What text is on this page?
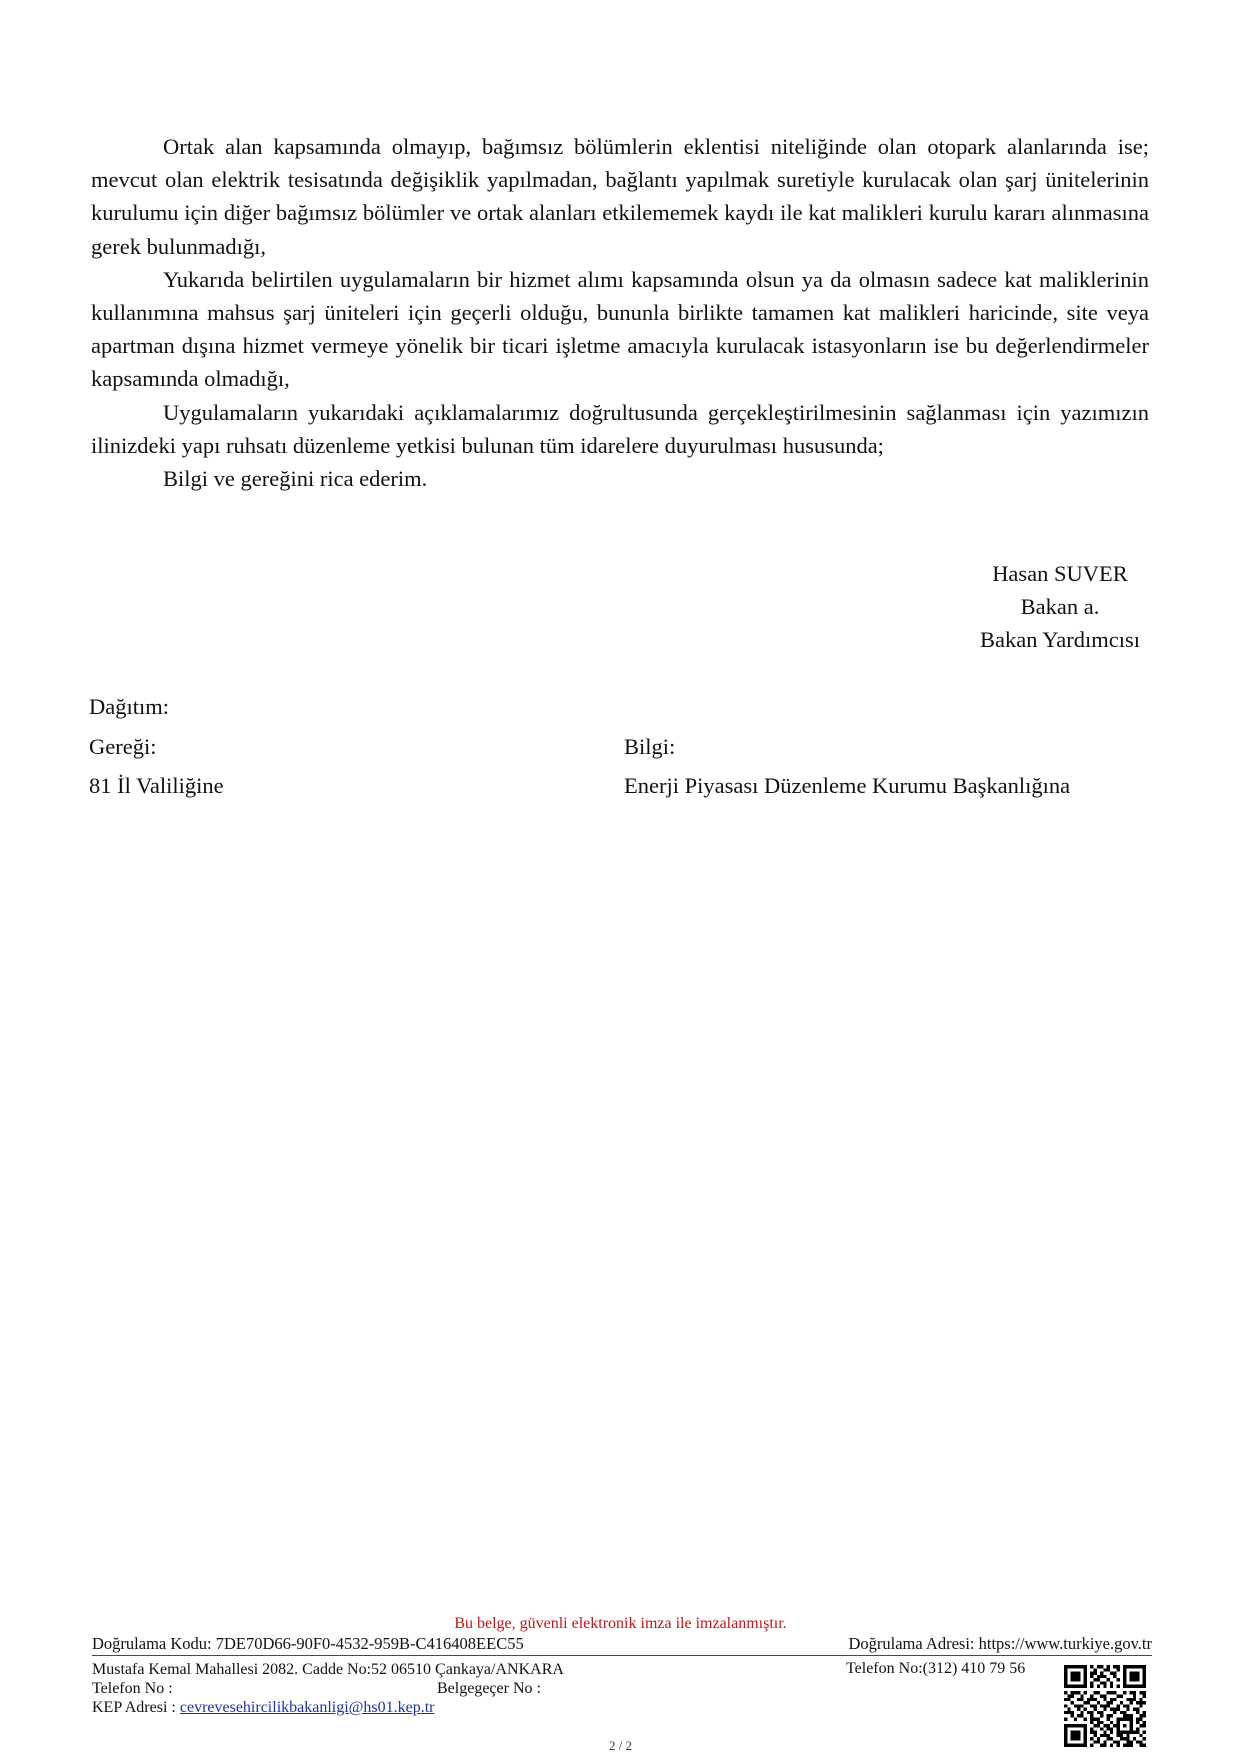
Ortak alan kapsamında olmayıp, bağımsız bölümlerin eklentisi niteliğinde olan otopark alanlarında ise; mevcut olan elektrik tesisatında değişiklik yapılmadan, bağlantı yapılmak suretiyle kurulacak olan şarj ünitelerinin kurulumu için diğer bağımsız bölümler ve ortak alanları etkilememek kaydı ile kat malikleri kurulu kararı alınmasına gerek bulunmadığı,

Yukarıda belirtilen uygulamaların bir hizmet alımı kapsamında olsun ya da olmasın sadece kat maliklerinin kullanımına mahsus şarj üniteleri için geçerli olduğu, bununla birlikte tamamen kat malikleri haricinde, site veya apartman dışına hizmet vermeye yönelik bir ticari işletme amacıyla kurulacak istasyonların ise bu değerlendirmeler kapsamında olmadığı,

Uygulamaların yukarıdaki açıklamalarımız doğrultusunda gerçekleştirilmesinin sağlanması için yazımızın ilinizdeki yapı ruhsatı düzenleme yetkisi bulunan tüm idarelere duyurulması hususunda;

Bilgi ve gereğini rica ederim.

Hasan SUVER
Bakan a.
Bakan Yardımcısı
Dağıtım:
Gereği:
81 İl Valiliğine
Bilgi:
Enerji Piyasası Düzenleme Kurumu Başkanlığına
Bu belge, güvenli elektronik imza ile imzalanmıştır.
Doğrulama Kodu: 7DE70D66-90F0-4532-959B-C416408EEC55	Doğrulama Adresi: https://www.turkiye.gov.tr
Mustafa Kemal Mahallesi 2082. Cadde No:52 06510 Çankaya/ANKARA
Telefon No :	Belgegeçer No :
KEP Adresi : cevrevesehircilikbakanligi@hs01.kep.tr
Telefon No:(312) 410 79 56
2 / 2
